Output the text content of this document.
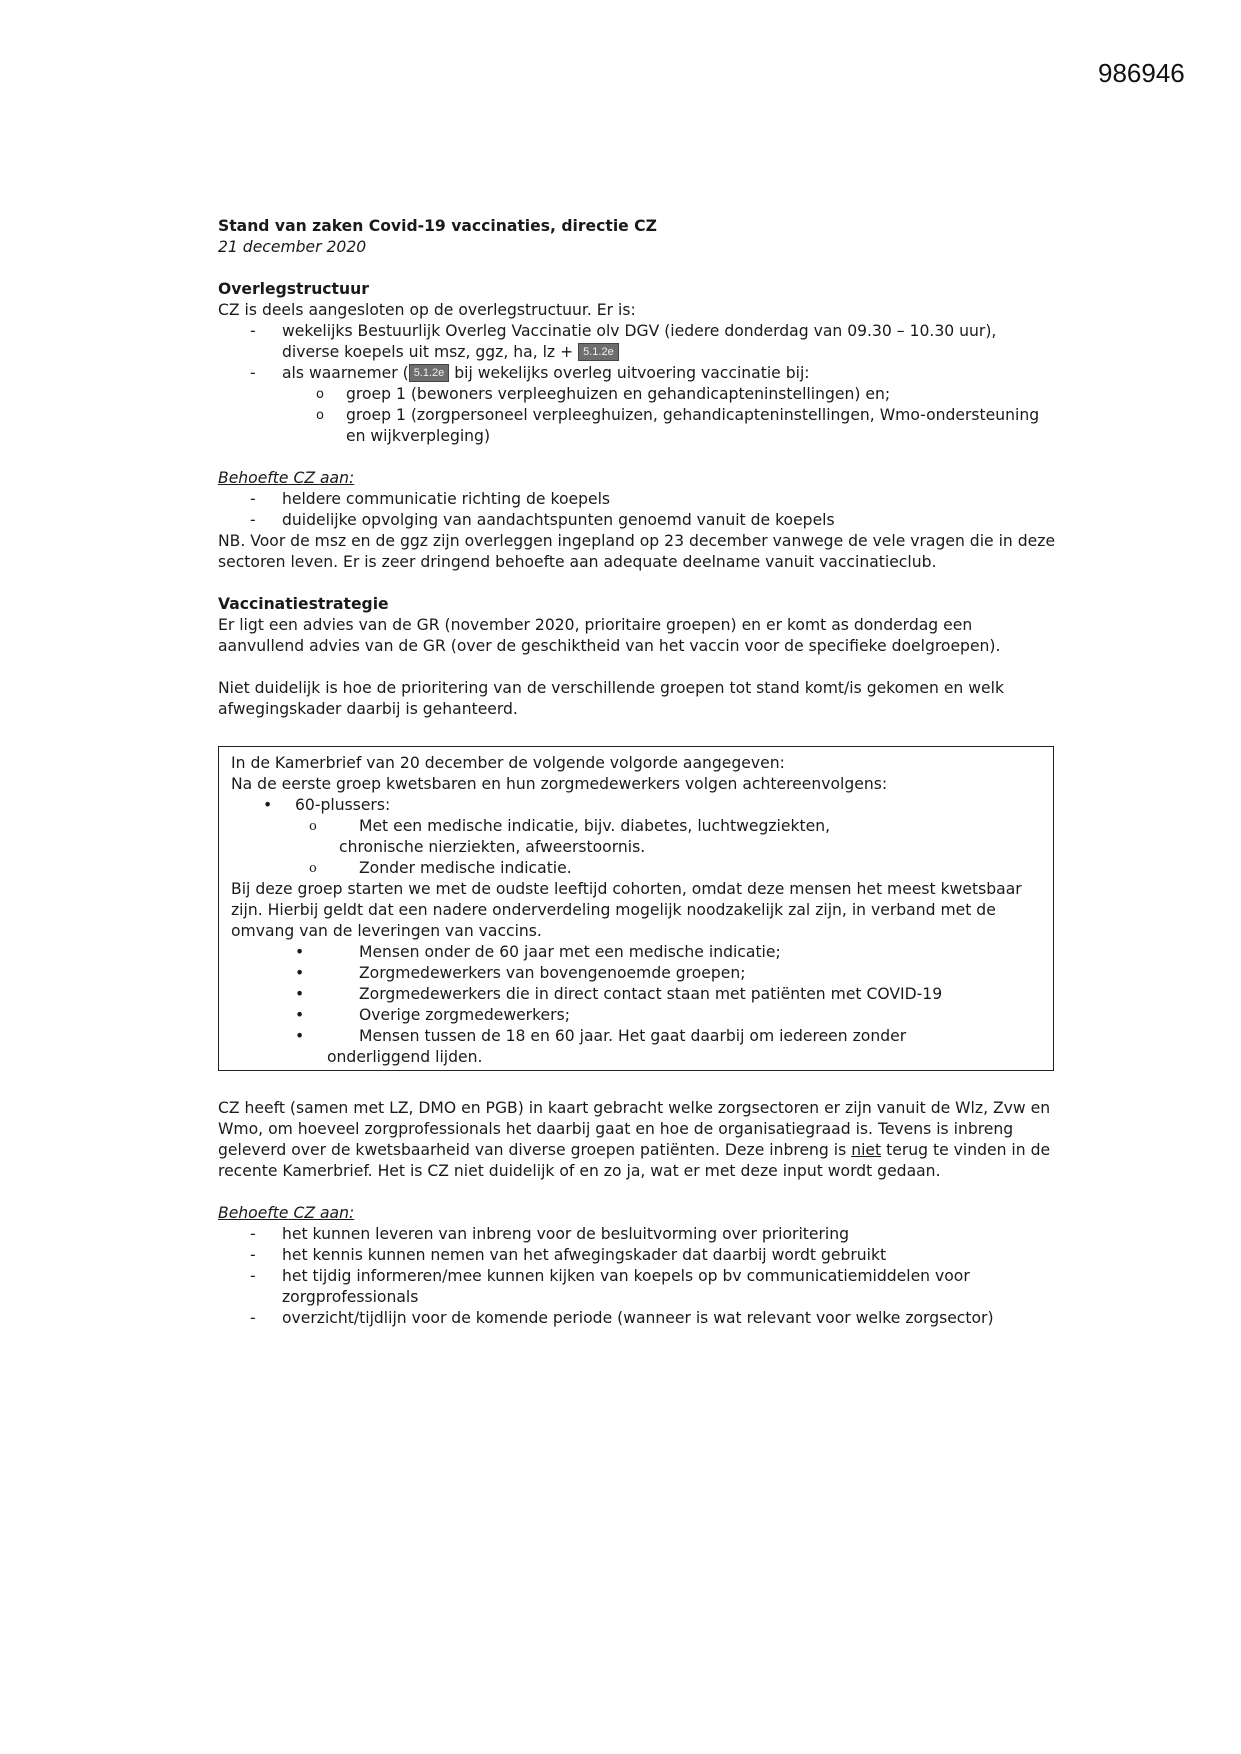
986946
Stand van zaken Covid-19 vaccinaties, directie CZ
21 december 2020
Overlegstructuur
CZ is deels aangesloten op de overlegstructuur. Er is:
- wekelijks Bestuurlijk Overleg Vaccinatie olv DGV (iedere donderdag van 09.30 – 10.30 uur), diverse koepels uit msz, ggz, ha, lz + 5.1.2e
- als waarnemer ( 5.1.2e bij wekelijks overleg uitvoering vaccinatie bij:
o groep 1 (bewoners verpleeghuizen en gehandicapteninstellingen) en;
o groep 1 (zorgpersoneel verpleeghuizen, gehandicapteninstellingen, Wmo-ondersteuning en wijkverpleging)
Behoefte CZ aan:
- heldere communicatie richting de koepels
- duidelijke opvolging van aandachtspunten genoemd vanuit de koepels
NB. Voor de msz en de ggz zijn overleggen ingepland op 23 december vanwege de vele vragen die in deze sectoren leven. Er is zeer dringend behoefte aan adequate deelname vanuit vaccinatieclub.
Vaccinatiestrategie
Er ligt een advies van de GR (november 2020, prioritaire groepen) en er komt as donderdag een aanvullend advies van de GR (over de geschiktheid van het vaccin voor de specifieke doelgroepen).
Niet duidelijk is hoe de prioritering van de verschillende groepen tot stand komt/is gekomen en welk afwegingskader daarbij is gehanteerd.
In de Kamerbrief van 20 december de volgende volgorde aangegeven:
Na de eerste groep kwetsbaren en hun zorgmedewerkers volgen achtereenvolgens:
• 60-plussers:
o Met een medische indicatie, bijv. diabetes, luchtwegziekten,
chronische nierziekten, afweerstoornis.
o Zonder medische indicatie.
Bij deze groep starten we met de oudste leeftijd cohorten, omdat deze mensen het meest kwetsbaar zijn. Hierbij geldt dat een nadere onderverdeling mogelijk noodzakelijk zal zijn, in verband met de omvang van de leveringen van vaccins.
• Mensen onder de 60 jaar met een medische indicatie;
• Zorgmedewerkers van bovengenoemde groepen;
• Zorgmedewerkers die in direct contact staan met patiënten met COVID-19
• Overige zorgmedewerkers;
• Mensen tussen de 18 en 60 jaar. Het gaat daarbij om iedereen zonder
onderliggend lijden.
CZ heeft (samen met LZ, DMO en PGB) in kaart gebracht welke zorgsectoren er zijn vanuit de Wlz, Zvw en Wmo, om hoeveel zorgprofessionals het daarbij gaat en hoe de organisatiegraad is. Tevens is inbreng geleverd over de kwetsbaarheid van diverse groepen patiënten. Deze inbreng is niet terug te vinden in de recente Kamerbrief. Het is CZ niet duidelijk of en zo ja, wat er met deze input wordt gedaan.
Behoefte CZ aan:
- het kunnen leveren van inbreng voor de besluitvorming over prioritering
- het kennis kunnen nemen van het afwegingskader dat daarbij wordt gebruikt
- het tijdig informeren/mee kunnen kijken van koepels op bv communicatiemiddelen voor zorgprofessionals
- overzicht/tijdlijn voor de komende periode (wanneer is wat relevant voor welke zorgsector)
